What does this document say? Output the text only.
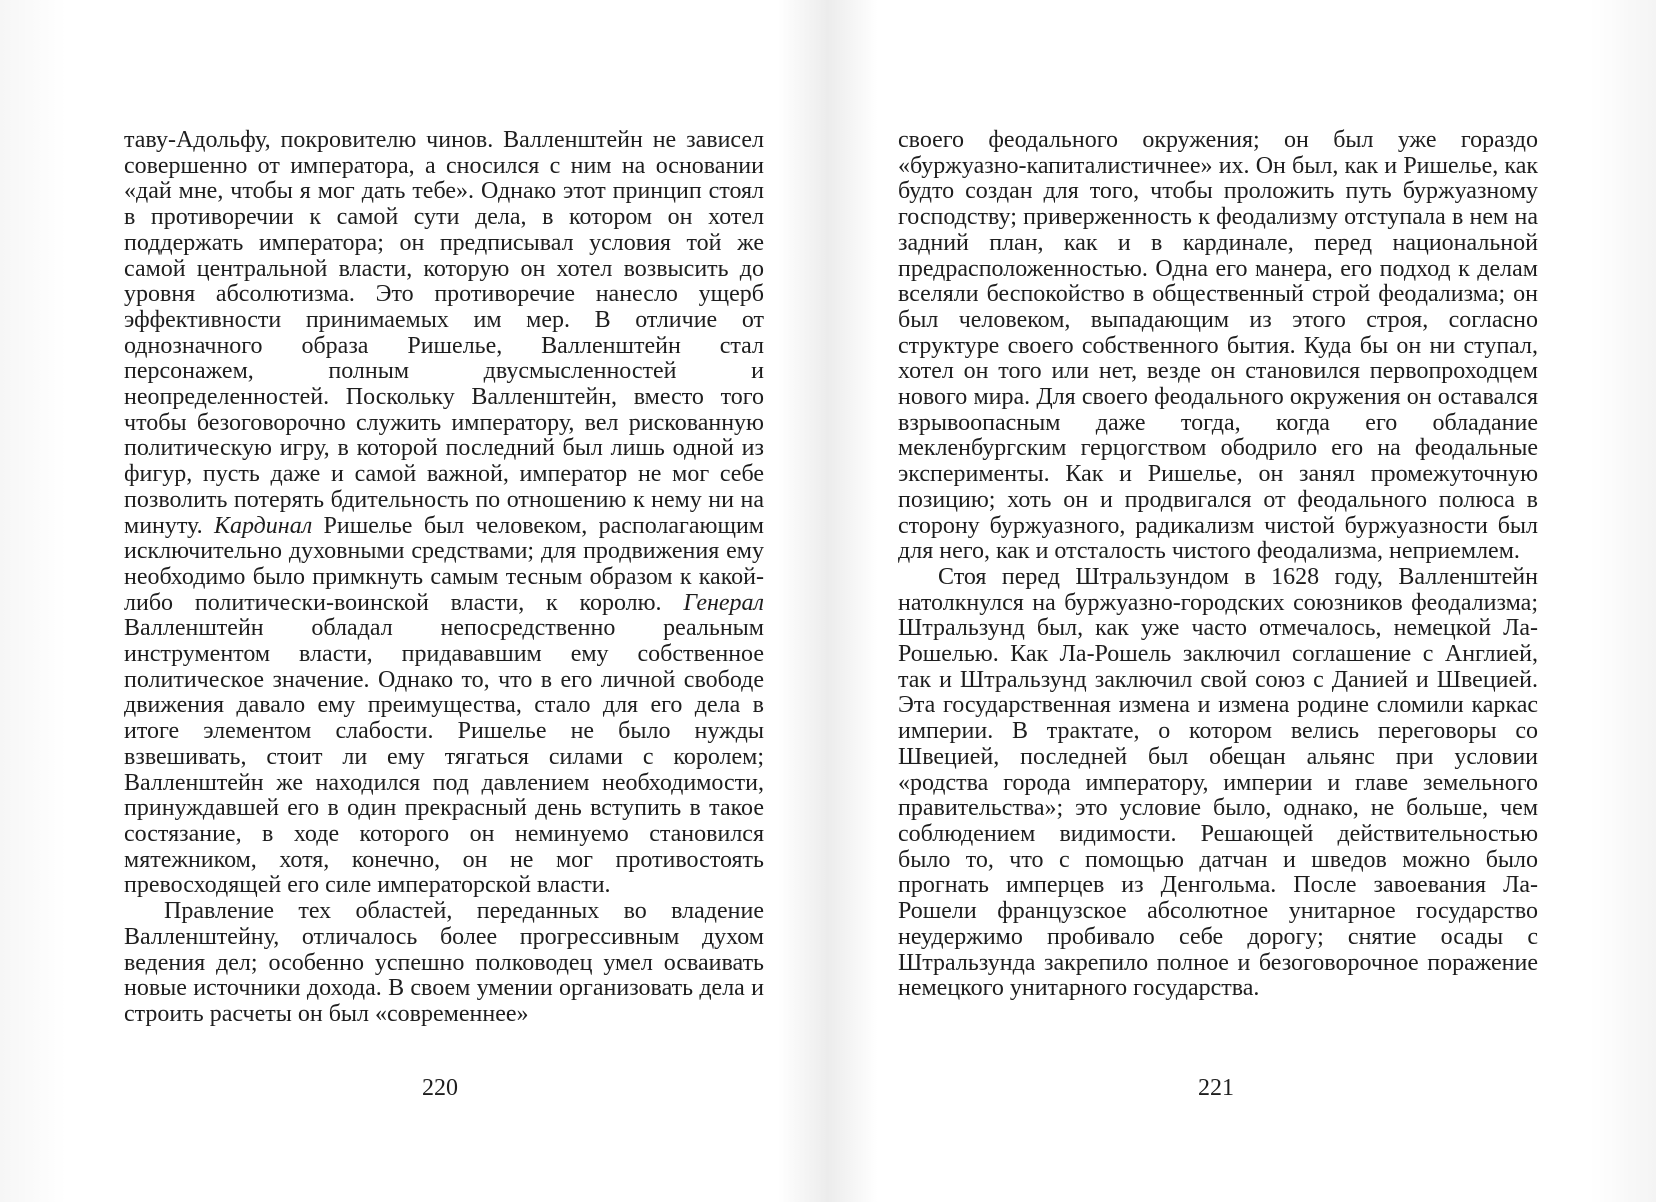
таву-Адольфу, покровителю чинов. Валленштейн не зависел совершенно от императора, а сносился с ним на основании «дай мне, чтобы я мог дать тебе». Однако этот принцип стоял в противоречии к самой сути дела, в котором он хотел поддержать императора; он предписывал условия той же самой центральной власти, которую он хотел возвысить до уровня абсолютизма. Это противоречие нанесло ущерб эффективности принимаемых им мер. В отличие от однозначного образа Ришелье, Валленштейн стал персонажем, полным двусмысленностей и неопределенностей. Поскольку Валленштейн, вместо того чтобы безоговорочно служить императору, вел рискованную политическую игру, в которой последний был лишь одной из фигур, пусть даже и самой важной, император не мог себе позволить потерять бдительность по отношению к нему ни на минуту. Кардинал Ришелье был человеком, располагающим исключительно духовными средствами; для продвижения ему необходимо было примкнуть самым тесным образом к какой-либо политически-воинской власти, к королю. Генерал Валленштейн обладал непосредственно реальным инструментом власти, придававшим ему собственное политическое значение. Однако то, что в его личной свободе движения давало ему преимущества, стало для его дела в итоге элементом слабости. Ришелье не было нужды взвешивать, стоит ли ему тягаться силами с королем; Валленштейн же находился под давлением необходимости, принуждавшей его в один прекрасный день вступить в такое состязание, в ходе которого он неминуемо становился мятежником, хотя, конечно, он не мог противостоять превосходящей его силе императорской власти.

Правление тех областей, переданных во владение Валленштейну, отличалось более прогрессивным духом ведения дел; особенно успешно полководец умел осваивать новые источники дохода. В своем умении организовать дела и строить расчеты он был «современнее»

220

своего феодального окружения; он был уже гораздо «буржуазно-капиталистичнее» их. Он был, как и Ришелье, как будто создан для того, чтобы проложить путь буржуазному господству; приверженность к феодализму отступала в нем на задний план, как и в кардинале, перед национальной предрасположенностью. Одна его манера, его подход к делам вселяли беспокойство в общественный строй феодализма; он был человеком, выпадающим из этого строя, согласно структуре своего собственного бытия. Куда бы он ни ступал, хотел он того или нет, везде он становился первопроходцем нового мира. Для своего феодального окружения он оставался взрывоопасным даже тогда, когда его обладание мекленбургским герцогством ободрило его на феодальные эксперименты. Как и Ришелье, он занял промежуточную позицию; хоть он и продвигался от феодального полюса в сторону буржуазного, радикализм чистой буржуазности был для него, как и отсталость чистого феодализма, неприемлем.

Стоя перед Штральзундом в 1628 году, Валленштейн натолкнулся на буржуазно-городских союзников феодализма; Штральзунд был, как уже часто отмечалось, немецкой Ла-Рошелью. Как Ла-Рошель заключил соглашение с Англией, так и Штральзунд заключил свой союз с Данией и Швецией. Эта государственная измена и измена родине сломили каркас империи. В трактате, о котором велись переговоры со Швецией, последней был обещан альянс при условии «родства города императору, империи и главе земельного правительства»; это условие было, однако, не больше, чем соблюдением видимости. Решающей действительностью было то, что с помощью датчан и шведов можно было прогнать имперцев из Денгольма. После завоевания Ла-Рошели французское абсолютное унитарное государство неудержимо пробивало себе дорогу; снятие осады с Штральзунда закрепило полное и безоговорочное поражение немецкого унитарного государства.

221
